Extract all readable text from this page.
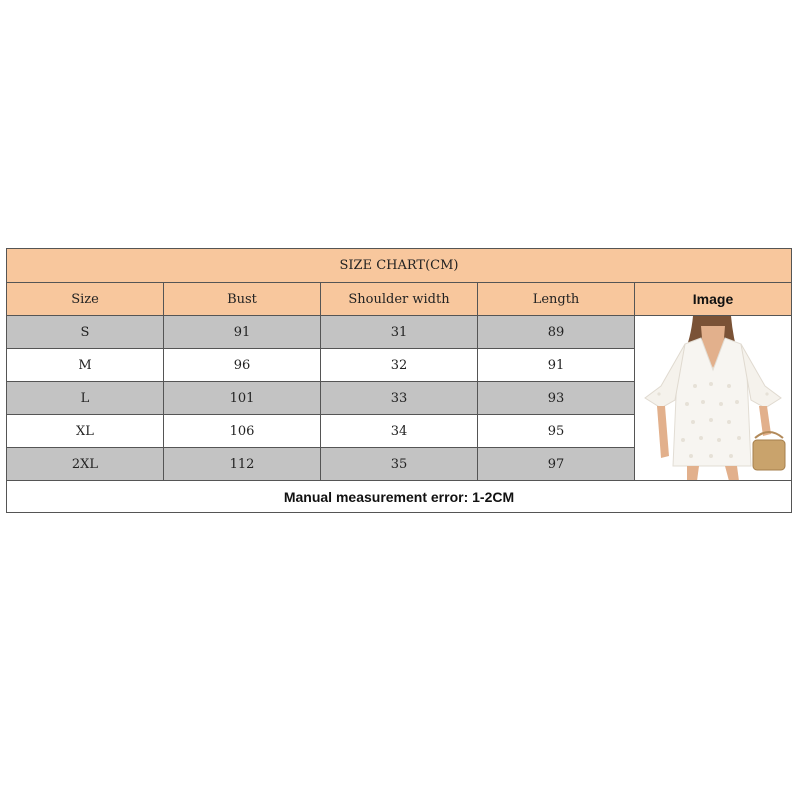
SIZE CHART(CM)
Size	Bust	Shoulder width	Length	Image
S	91	31	89
M	96	32	91
L	101	33	93
XL	106	34	95
2XL	112	35	97
Manual measurement error: 1-2CM
